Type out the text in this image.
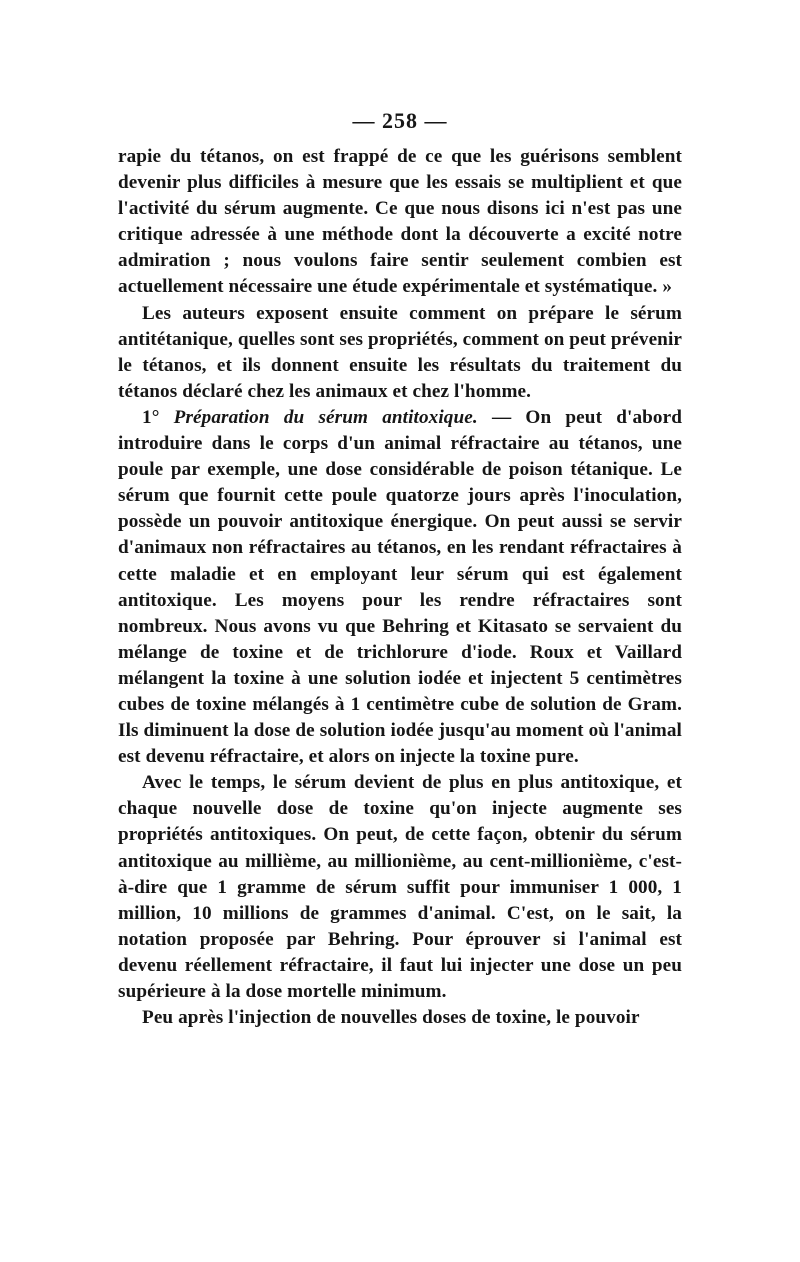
— 258 —

rapie du tétanos, on est frappé de ce que les guérisons semblent devenir plus difficiles à mesure que les essais se multiplient et que l'activité du sérum augmente. Ce que nous disons ici n'est pas une critique adressée à une méthode dont la découverte a excité notre admiration ; nous voulons faire sentir seulement combien est actuellement nécessaire une étude expérimentale et systématique. »

Les auteurs exposent ensuite comment on prépare le sérum antitétanique, quelles sont ses propriétés, comment on peut prévenir le tétanos, et ils donnent ensuite les résultats du traitement du tétanos déclaré chez les animaux et chez l'homme.

1° Préparation du sérum antitoxique. — On peut d'abord introduire dans le corps d'un animal réfractaire au tétanos, une poule par exemple, une dose considérable de poison tétanique. Le sérum que fournit cette poule quatorze jours après l'inoculation, possède un pouvoir antitoxique énergique. On peut aussi se servir d'animaux non réfractaires au tétanos, en les rendant réfractaires à cette maladie et en employant leur sérum qui est également antitoxique. Les moyens pour les rendre réfractaires sont nombreux. Nous avons vu que Behring et Kitasato se servaient du mélange de toxine et de trichlorure d'iode. Roux et Vaillard mélangent la toxine à une solution iodée et injectent 5 centimètres cubes de toxine mélangés à 1 centimètre cube de solution de Gram. Ils diminuent la dose de solution iodée jusqu'au moment où l'animal est devenu réfractaire, et alors on injecte la toxine pure.

Avec le temps, le sérum devient de plus en plus antitoxique, et chaque nouvelle dose de toxine qu'on injecte augmente ses propriétés antitoxiques. On peut, de cette façon, obtenir du sérum antitoxique au millième, au millionième, au cent-millionième, c'est-à-dire que 1 gramme de sérum suffit pour immuniser 1 000, 1 million, 10 millions de grammes d'animal. C'est, on le sait, la notation proposée par Behring. Pour éprouver si l'animal est devenu réellement réfractaire, il faut lui injecter une dose un peu supérieure à la dose mortelle minimum.

Peu après l'injection de nouvelles doses de toxine, le pouvoir
